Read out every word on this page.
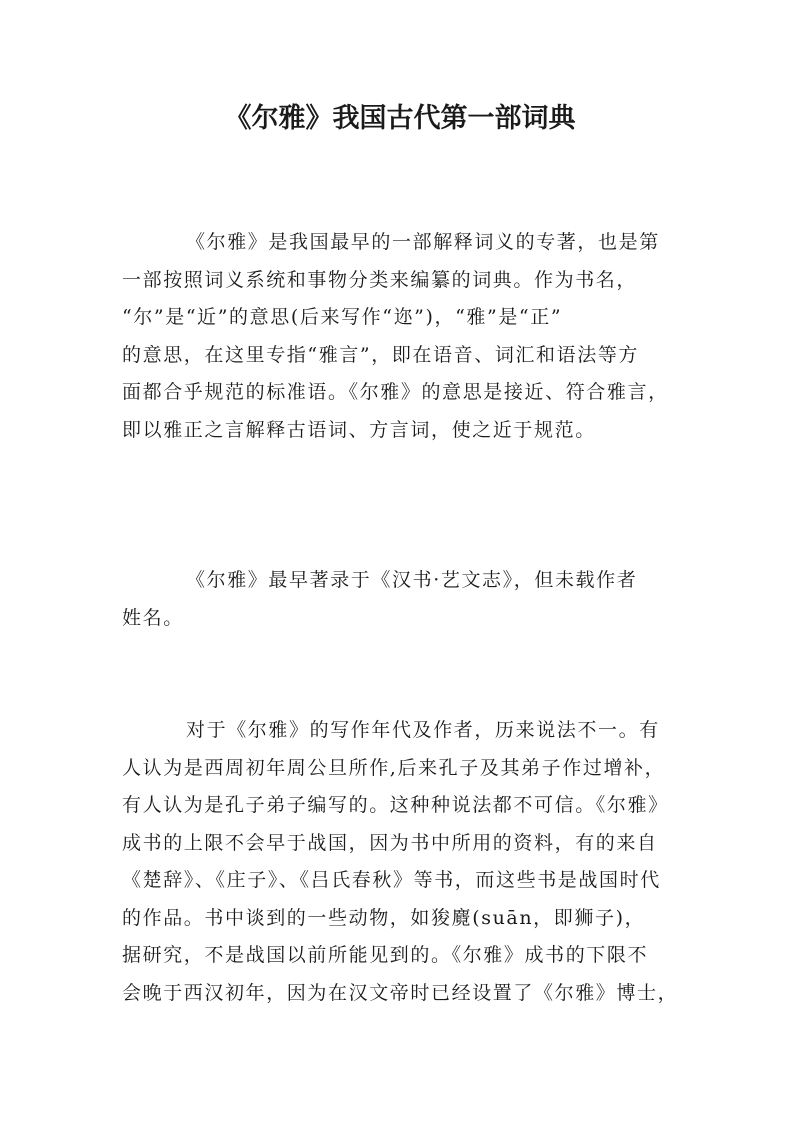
《尔雅》我国古代第一部词典

《尔雅》是我国最早的一部解释词义的专著，也是第
一部按照词义系统和事物分类来编纂的词典。作为书名，
“尔”是“近”的意思(后来写作“迩”)，“雅”是“正”
的意思，在这里专指“雅言”，即在语音、词汇和语法等方
面都合乎规范的标准语。《尔雅》的意思是接近、符合雅言，
即以雅正之言解释古语词、方言词，使之近于规范。

《尔雅》最早著录于《汉书·艺文志》，但未载作者
姓名。

对于《尔雅》的写作年代及作者，历来说法不一。有
人认为是西周初年周公旦所作,后来孔子及其弟子作过增补，
有人认为是孔子弟子编写的。这种种说法都不可信。《尔雅》
成书的上限不会早于战国，因为书中所用的资料，有的来自
《楚辞》、《庄子》、《吕氏春秋》等书，而这些书是战国时代
的作品。书中谈到的一些动物，如狻麑(suān，即狮子)，
据研究，不是战国以前所能见到的。《尔雅》成书的下限不
会晚于西汉初年，因为在汉文帝时已经设置了《尔雅》博士，
